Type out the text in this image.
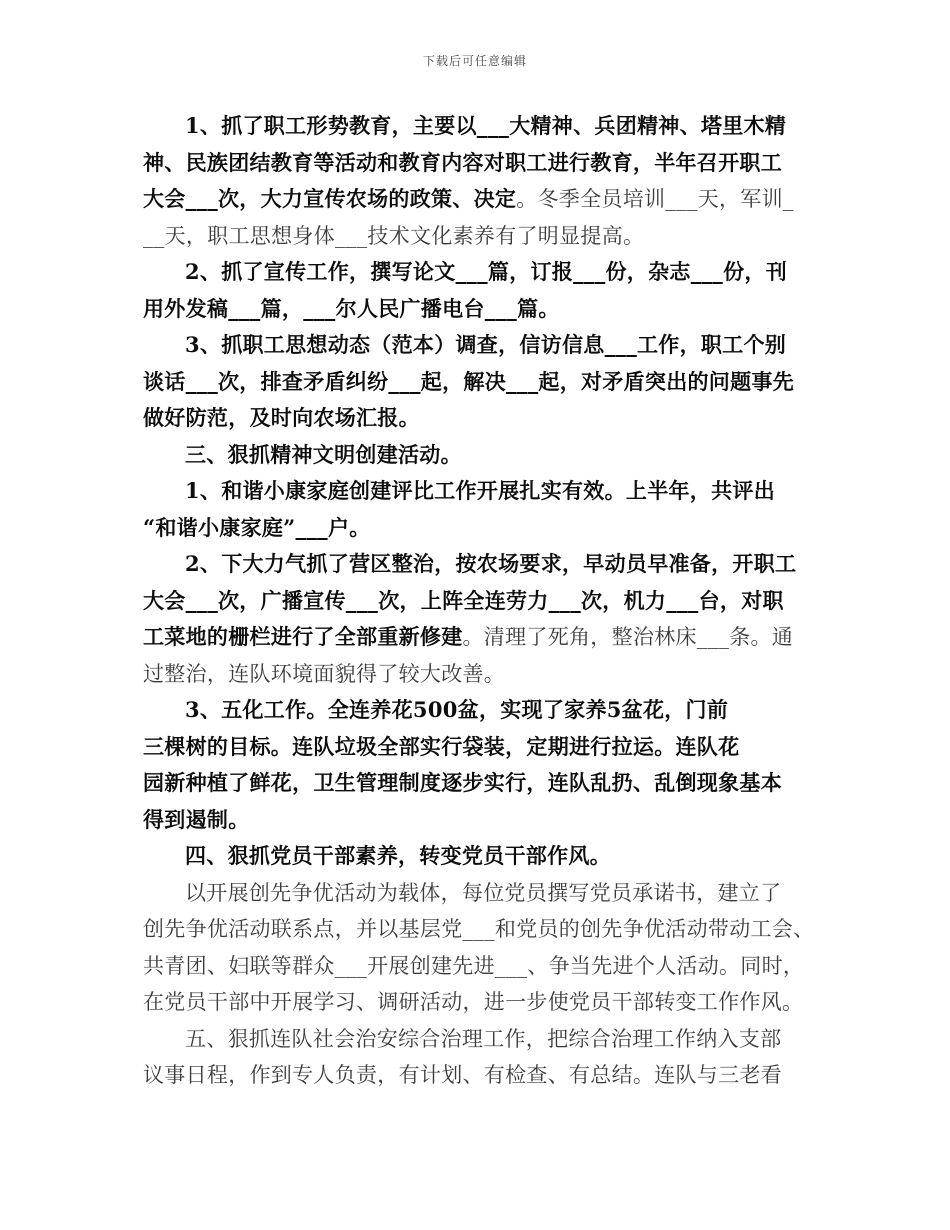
下载后可任意编辑
1、抓了职工形势教育，主要以___大精神、兵团精神、塔里木精
神、民族团结教育等活动和教育内容对职工进行教育，半年召开职工
大会___次，大力宣传农场的政策、决定。冬季全员培训___天，军训_
__天，职工思想身体___技术文化素养有了明显提高。
2、抓了宣传工作，撰写论文___篇，订报___份，杂志___份，刊
用外发稿___篇，___尔人民广播电台___篇。
3、抓职工思想动态（范本）调查，信访信息___工作，职工个别
谈话___次，排查矛盾纠纷___起，解决___起，对矛盾突出的问题事先
做好防范，及时向农场汇报。
三、狠抓精神文明创建活动。
1、和谐小康家庭创建评比工作开展扎实有效。上半年，共评出
“和谐小康家庭”___户。
2、下大力气抓了营区整治，按农场要求，早动员早准备，开职工
大会___次，广播宣传___次，上阵全连劳力___次，机力___台，对职
工菜地的栅栏进行了全部重新修建。清理了死角，整治林床___条。通
过整治，连队环境面貌得了较大改善。
3、五化工作。全连养花500盆，实现了家养5盆花，门前
三棵树的目标。连队垃圾全部实行袋装，定期进行拉运。连队花
园新种植了鲜花，卫生管理制度逐步实行，连队乱扔、乱倒现象基本
得到遏制。
四、狠抓党员干部素养，转变党员干部作风。
以开展创先争优活动为载体，每位党员撰写党员承诺书，建立了
创先争优活动联系点，并以基层党___和党员的创先争优活动带动工会、
共青团、妇联等群众___开展创建先进___、争当先进个人活动。同时，
在党员干部中开展学习、调研活动，进一步使党员干部转变工作作风。
五、狠抓连队社会治安综合治理工作，把综合治理工作纳入支部
议事日程，作到专人负责，有计划、有检查、有总结。连队与三老看
